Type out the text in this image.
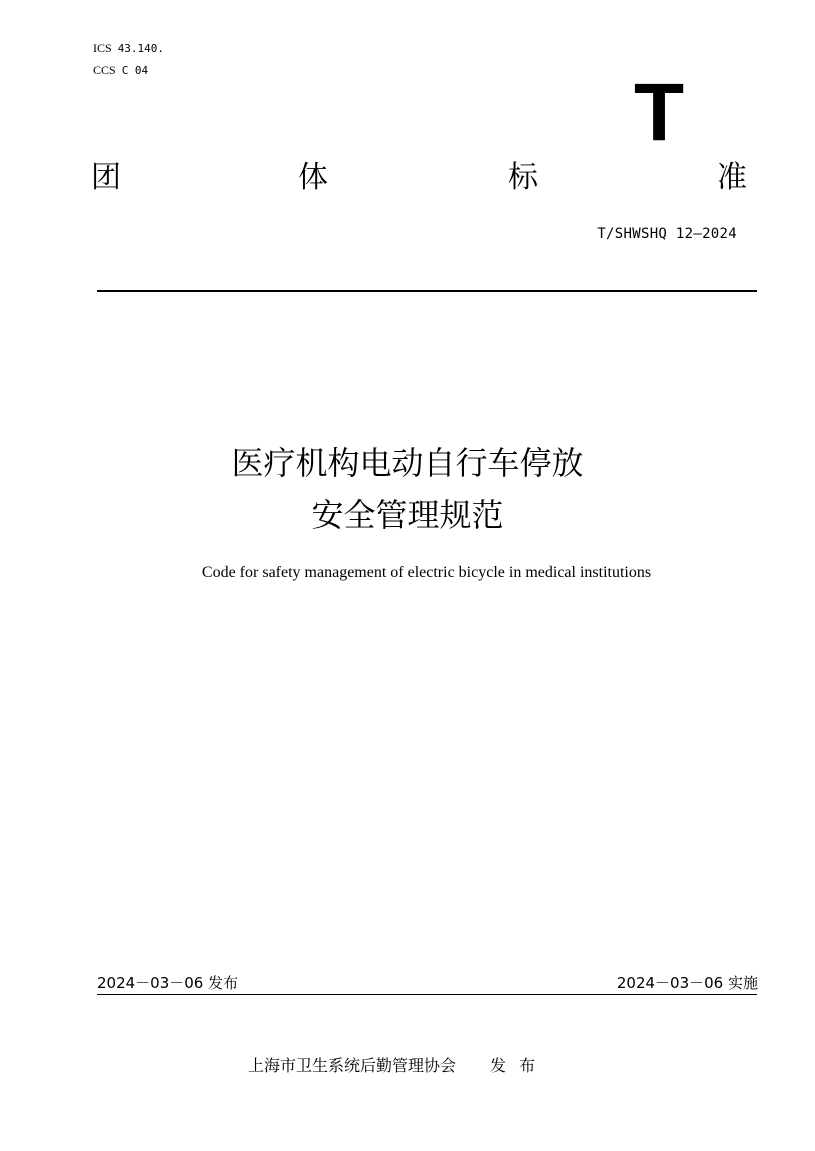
ICS 43.140.
CCS C 04	T
团	体	标	准
T/SHWSHQ 12—2024
医疗机构电动自行车停放
安全管理规范
Code for safety management of electric bicycle in medical institutions
2024－03－06 发布	2024－03－06 实施
上海市卫生系统后勤管理协会 发 布
